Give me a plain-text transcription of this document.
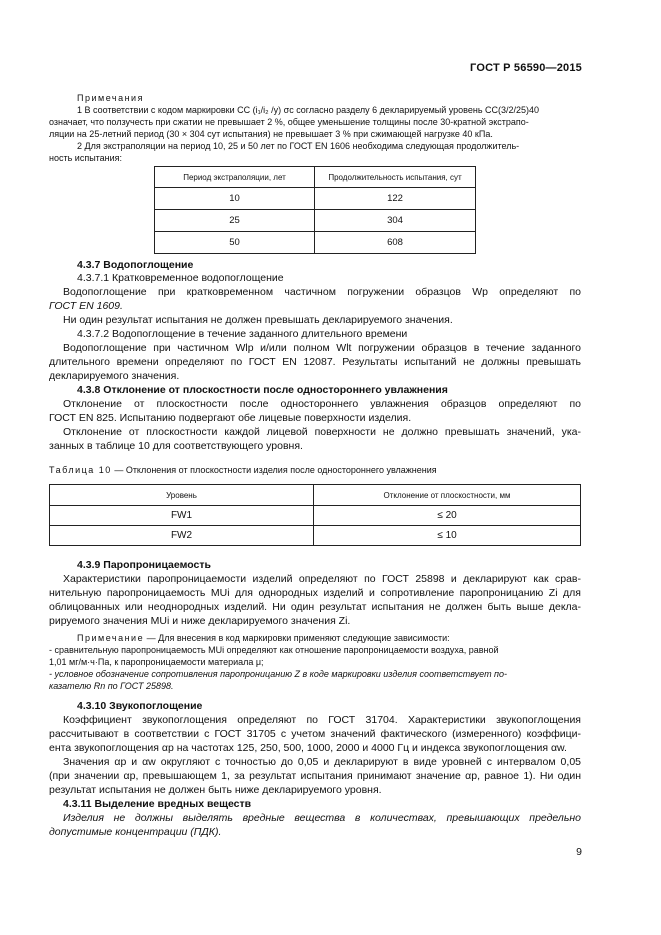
ГОСТ Р 56590—2015
Примечания
1 В соответствии с кодом маркировки CC (i₁/i₂ /y) σc согласно разделу 6 декларируемый уровень CC(3/2/25)40
означает, что ползучесть при сжатии не превышает 2 %, общее уменьшение толщины после 30-кратной экстрапо-
ляции на 25-летний период (30 × 304 сут испытания) не превышает 3 % при сжимающей нагрузке 40 кПа.
2 Для экстраполяции на период 10, 25 и 50 лет по ГОСТ EN 1606 необходима следующая продолжитель-
ность испытания:
Период экстраполяции, лет	Продолжительность испытания, сут
10	122
25	304
50	608
4.3.7 Водопоглощение
4.3.7.1 Кратковременное водопоглощение
Водопоглощение при кратковременном частичном погружении образцов Wp определяют по
ГОСТ EN 1609.
Ни один результат испытания не должен превышать декларируемого значения.
4.3.7.2 Водопоглощение в течение заданного длительного времени
Водопоглощение при частичном Wlp и/или полном Wlt погружении образцов в течение заданного
длительного времени определяют по ГОСТ EN 12087. Результаты испытаний не должны превышать
декларируемого значения.
4.3.8 Отклонение от плоскостности после одностороннего увлажнения
Отклонение от плоскостности после одностороннего увлажнения образцов определяют по
ГОСТ EN 825. Испытанию подвергают обе лицевые поверхности изделия.
Отклонение от плоскостности каждой лицевой поверхности не должно превышать значений, ука-
занных в таблице 10 для соответствующего уровня.
Таблица 10 — Отклонения от плоскостности изделия после одностороннего увлажнения
Уровень	Отклонение от плоскостности, мм
FW1	≤ 20
FW2	≤ 10
4.3.9 Паропроницаемость
Характеристики паропроницаемости изделий определяют по ГОСТ 25898 и декларируют как срав-
нительную паропроницаемость MUi для однородных изделий и сопротивление паропроницанию Zi для
облицованных или неоднородных изделий. Ни один результат испытания не должен быть выше декла-
рируемого значения MUi и ниже декларируемого значения Zi.
Примечание — Для внесения в код маркировки применяют следующие зависимости:
- сравнительную паропроницаемость MUi определяют как отношение паропроницаемости воздуха, равной
1,01 мг/м·ч·Па, к паропроницаемости материала μ;
- условное обозначение сопротивления паропроницанию Z в коде маркировки изделия соответствует по-
казателю Rn по ГОСТ 25898.
4.3.10 Звукопоглощение
Коэффициент звукопоглощения определяют по ГОСТ 31704. Характеристики звукопоглощения
рассчитывают в соответствии с ГОСТ 31705 с учетом значений фактического (измеренного) коэффици-
ента звукопоглощения αp на частотах 125, 250, 500, 1000, 2000 и 4000 Гц и индекса звукопоглощения αw.
Значения αp и αw округляют с точностью до 0,05 и декларируют в виде уровней с интервалом 0,05
(при значении αp, превышающем 1, за результат испытания принимают значение αp, равное 1). Ни один
результат испытания не должен быть ниже декларируемого уровня.
4.3.11 Выделение вредных веществ
Изделия не должны выделять вредные вещества в количествах, превышающих предельно
допустимые концентрации (ПДК).
9
